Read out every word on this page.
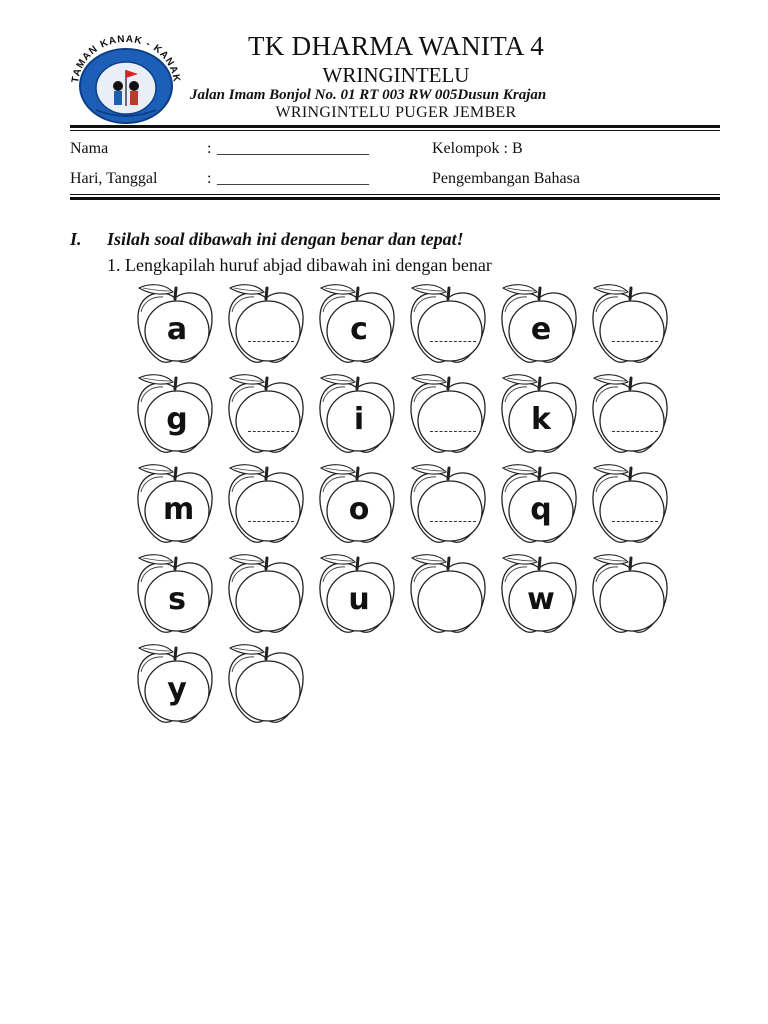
TAMAN KANAK - KANAK
TK DHARMA WANITA 4
WRINGINTELU
Jalan Imam Bonjol No. 01 RT 003 RW 005Dusun Krajan
WRINGINTELU PUGER JEMBER
Nama	: ___________________	Kelompok : B
Hari, Tanggal	: ___________________	Pengembangan Bahasa
I. Isilah soal dibawah ini dengan benar dan tepat!
1. Lengkapilah huruf abjad dibawah ini dengan benar
a	c	e
g	i	k
m	o	q
s	u	w
y
